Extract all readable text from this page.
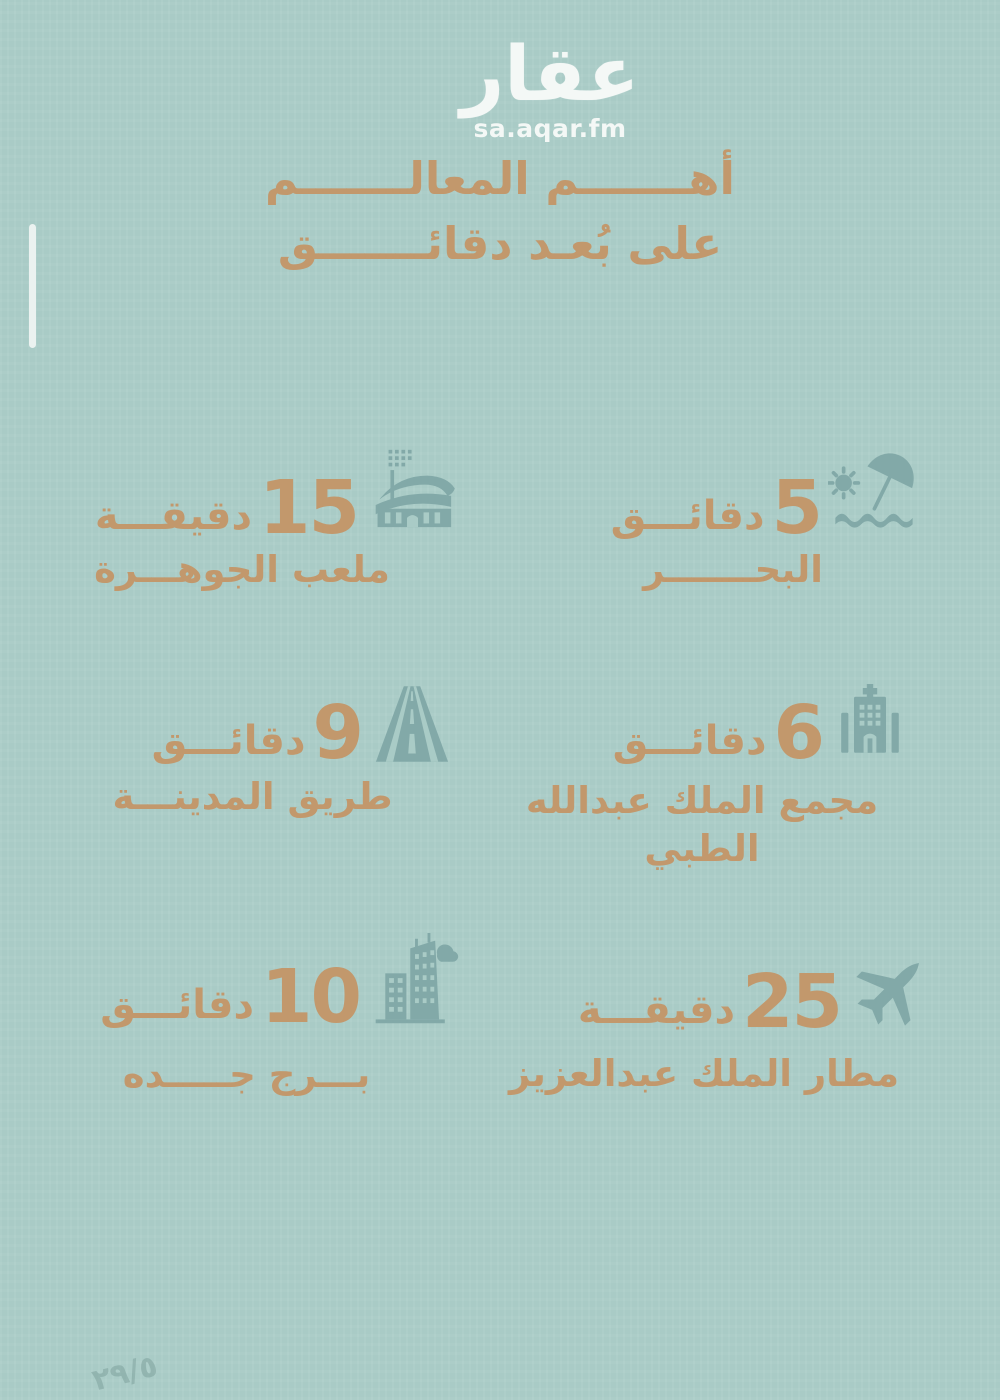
عقار
sa.aqar.fm
أهـــــــم المعالـــــــم
على بُعـد دقائـــــــق
دقائـــق 5
البحـــــــر
دقيقـــة 15
ملعب الجوهـــرة
دقائـــق 6
مجمع الملك عبدالله
الطبي
دقائـــق 9
طريق المدينـــة
دقيقـــة 25
مطار الملك عبدالعزيز
دقائـــق 10
بـــرج جـــــده
٢٩/٥
